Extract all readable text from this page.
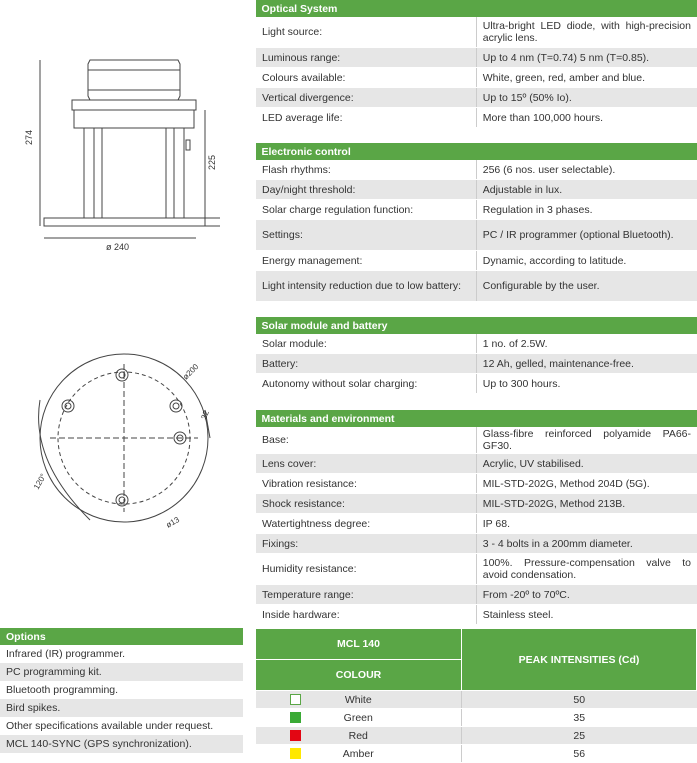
274
225
ø 240
ø200
32
120°
ø13
Optical System	
Light source:	Ultra-bright LED diode, with high-precision acrylic lens.
Luminous range:	Up to 4 nm (T=0.74) 5 nm (T=0.85).
Colours available:	White, green, red, amber and blue.
Vertical divergence:	Up to 15º (50% Io).
LED average life:	More than 100,000 hours.
Electronic control	
Flash rhythms:	256 (6 nos. user selectable).
Day/night threshold:	Adjustable in lux.
Solar charge regulation function:	Regulation in 3 phases.
Settings:	PC / IR programmer (optional Bluetooth).
Energy management:	Dynamic, according to latitude.
Light intensity reduction due to low battery:	Configurable by the user.
Solar module and battery	
Solar module:	1 no. of 2.5W.
Battery:	12 Ah, gelled, maintenance-free.
Autonomy without solar charging:	Up to 300 hours.
Materials and environment	
Base:	Glass-fibre reinforced polyamide PA66-GF30.
Lens cover:	Acrylic, UV stabilised.
Vibration resistance:	MIL-STD-202G, Method 204D (5G).
Shock resistance:	MIL-STD-202G, Method 213B.
Watertightness degree:	IP 68.
Fixings:	3 - 4 bolts in a 200mm diameter.
Humidity resistance:	100%. Pressure-compensation valve to avoid condensation.
Temperature range:	From -20º to 70ºC.
Inside hardware:	Stainless steel.
Options
Infrared (IR) programmer.
PC programming kit.
Bluetooth programming.
Bird spikes.
Other specifications available under request.
MCL 140-SYNC (GPS synchronization).
MCL 140	PEAK INTENSITIES (Cd)
COLOUR	

White	50

Green	35

Red	25

Amber	56
